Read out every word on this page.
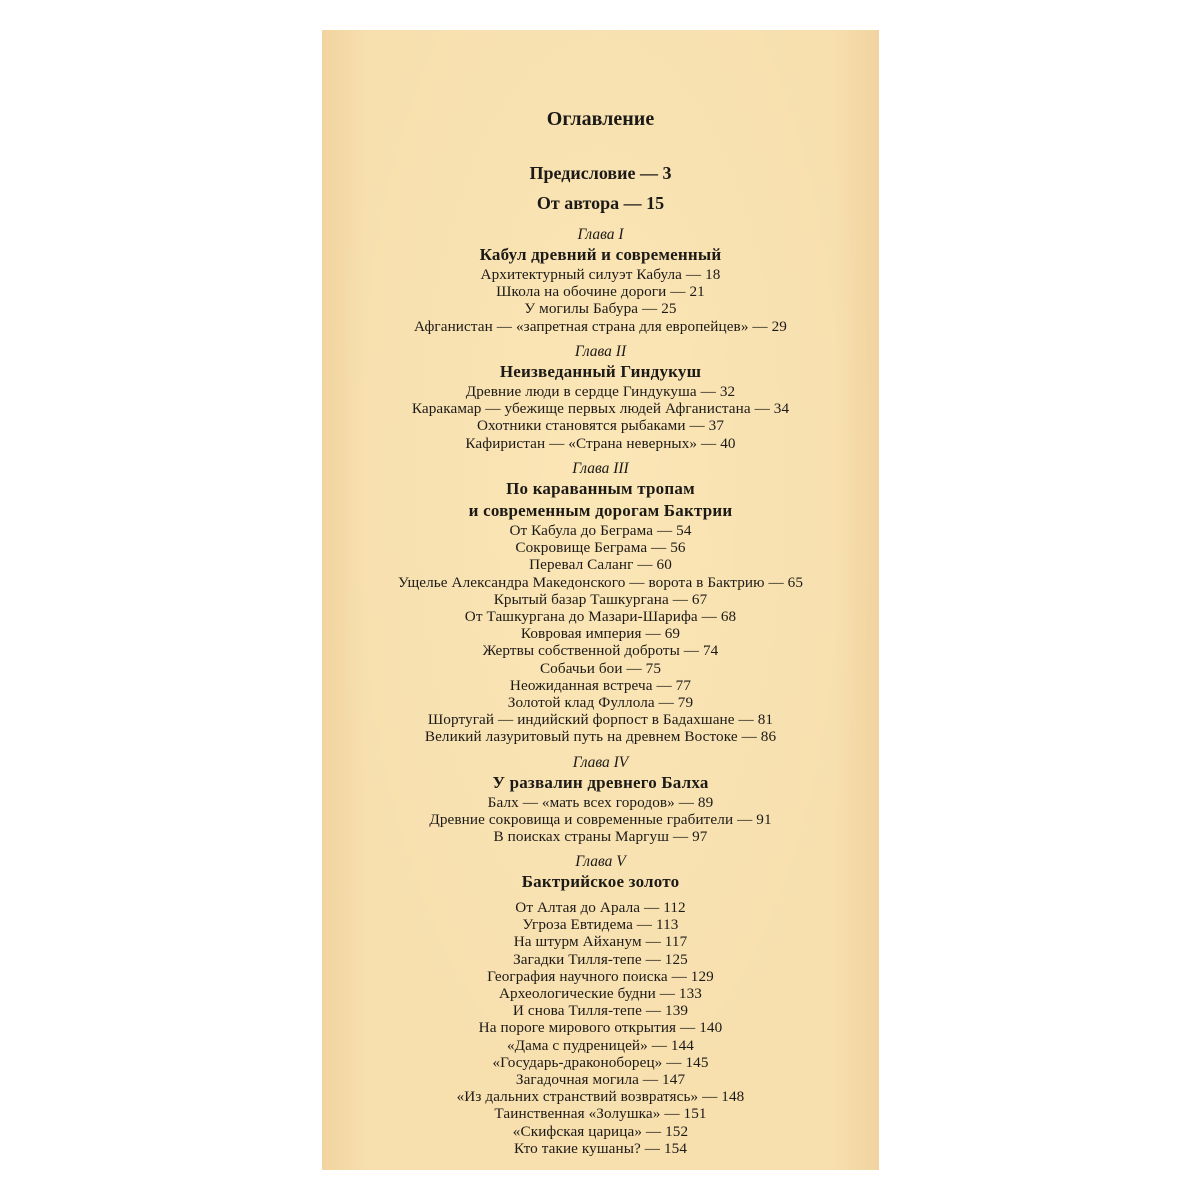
Оглавление
Предисловие — 3
От автора — 15
Глава I
Кабул древний и современный
Архитектурный силуэт Кабула — 18
Школа на обочине дороги — 21
У могилы Бабура — 25
Афганистан — «запретная страна для европейцев» — 29
Глава II
Неизведанный Гиндукуш
Древние люди в сердце Гиндукуша — 32
Каракамар — убежище первых людей Афганистана — 34
Охотники становятся рыбаками — 37
Кафиристан — «Страна неверных» — 40
Глава III
По караванным тропам
и современным дорогам Бактрии
От Кабула до Беграма — 54
Сокровище Беграма — 56
Перевал Саланг — 60
Ущелье Александра Македонского — ворота в Бактрию — 65
Крытый базар Ташкургана — 67
От Ташкургана до Мазари-Шарифа — 68
Ковровая империя — 69
Жертвы собственной доброты — 74
Собачьи бои — 75
Неожиданная встреча — 77
Золотой клад Фуллола — 79
Шортугай — индийский форпост в Бадахшане — 81
Великий лазуритовый путь на древнем Востоке — 86
Глава IV
У развалин древнего Балха
Балх — «мать всех городов» — 89
Древние сокровища и современные грабители — 91
В поисках страны Маргуш — 97
Глава V
Бактрийское золото
От Алтая до Арала — 112
Угроза Евтидема — 113
На штурм Айханум — 117
Загадки Тилля-тепе — 125
География научного поиска — 129
Археологические будни — 133
И снова Тилля-тепе — 139
На пороге мирового открытия — 140
«Дама с пудреницей» — 144
«Государь-драконоборец» — 145
Загадочная могила — 147
«Из дальних странствий возвратясь» — 148
Таинственная «Золушка» — 151
«Скифская царица» — 152
Кто такие кушаны? — 154
